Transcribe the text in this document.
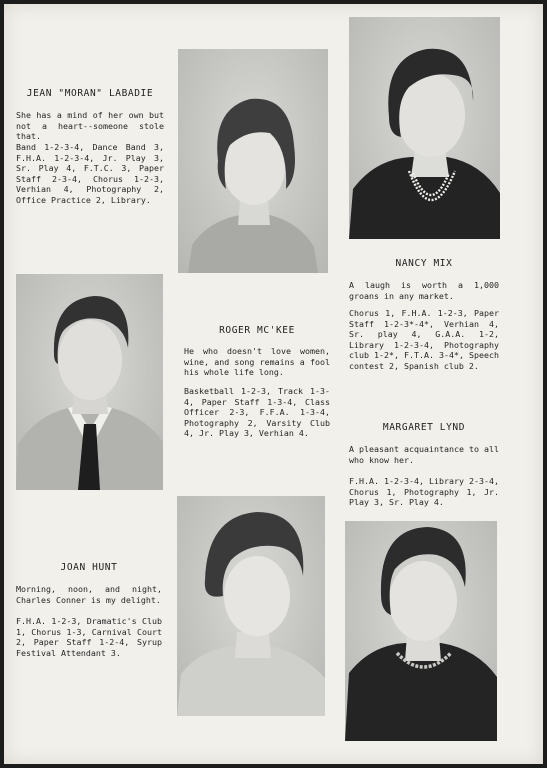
JEAN "MORAN" LABADIE

She has a mind of her own but not a heart--someone stole that.

Band 1-2-3-4, Dance Band 3, F.H.A. 1-2-3-4, Jr. Play 3, Sr. Play 4, F.T.C. 3, Paper Staff 2-3-4, Chorus 1-2-3, Verhian 4, Photography 2, Office Practice 2, Library.

NANCY MIX

A laugh is worth a 1,000 groans in any market.

Chorus 1, F.H.A. 1-2-3, Paper Staff 1-2-3*-4*, Verhian 4, Sr. play 4, G.A.A. 1-2, Library 1-2-3-4, Photography club 1-2*, F.T.A. 3-4*, Speech contest 2, Spanish club 2.

ROGER MC'KEE

He who doesn't love women, wine, and song remains a fool his whole life long.

Basketball 1-2-3, Track 1-3-4, Paper Staff 1-3-4, Class Officer 2-3, F.F.A. 1-3-4, Photography 2, Varsity Club 4, Jr. Play 3, Verhian 4.

MARGARET LYND

A pleasant acquaintance to all who know her.

F.H.A. 1-2-3-4, Library 2-3-4, Chorus 1, Photography 1, Jr. Play 3, Sr. Play 4.

JOAN HUNT

Morning, noon, and night, Charles Conner is my delight.

F.H.A. 1-2-3, Dramatic's Club 1, Chorus 1-3, Carnival Court 2, Paper Staff 1-2-4, Syrup Festival Attendant 3.
